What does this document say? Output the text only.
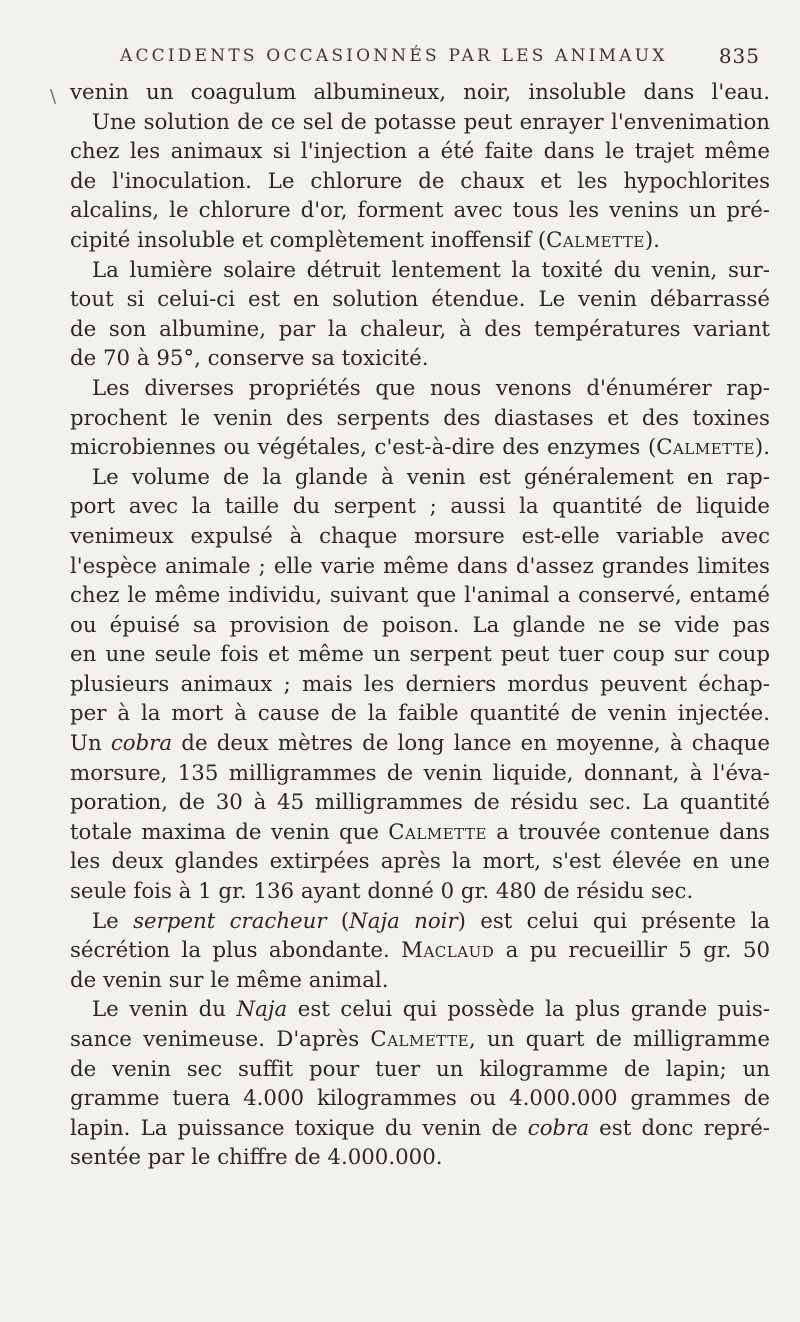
ACCIDENTS OCCASIONNÉS PAR LES ANIMAUX	835
\ venin un coagulum albumineux, noir, insoluble dans l'eau.
Une solution de ce sel de potasse peut enrayer l'envenimation
chez les animaux si l'injection a été faite dans le trajet même
de l'inoculation. Le chlorure de chaux et les hypochlorites
alcalins, le chlorure d'or, forment avec tous les venins un pré-
cipité insoluble et complètement inoffensif (Calmette).
La lumière solaire détruit lentement la toxité du venin, sur-
tout si celui-ci est en solution étendue. Le venin débarrassé
de son albumine, par la chaleur, à des températures variant
de 70 à 95°, conserve sa toxicité.
Les diverses propriétés que nous venons d'énumérer rap-
prochent le venin des serpents des diastases et des toxines
microbiennes ou végétales, c'est-à-dire des enzymes (Calmette).
Le volume de la glande à venin est généralement en rap-
port avec la taille du serpent ; aussi la quantité de liquide
venimeux expulsé à chaque morsure est-elle variable avec
l'espèce animale ; elle varie même dans d'assez grandes limites
chez le même individu, suivant que l'animal a conservé, entamé
ou épuisé sa provision de poison. La glande ne se vide pas
en une seule fois et même un serpent peut tuer coup sur coup
plusieurs animaux ; mais les derniers mordus peuvent échap-
per à la mort à cause de la faible quantité de venin injectée.
Un cobra de deux mètres de long lance en moyenne, à chaque
morsure, 135 milligrammes de venin liquide, donnant, à l'éva-
poration, de 30 à 45 milligrammes de résidu sec. La quantité
totale maxima de venin que Calmette a trouvée contenue dans
les deux glandes extirpées après la mort, s'est élevée en une
seule fois à 1 gr. 136 ayant donné 0 gr. 480 de résidu sec.
Le serpent cracheur (Naja noir) est celui qui présente la
sécrétion la plus abondante. Maclaud a pu recueillir 5 gr. 50
de venin sur le même animal.
Le venin du Naja est celui qui possède la plus grande puis-
sance venimeuse. D'après Calmette, un quart de milligramme
de venin sec suffit pour tuer un kilogramme de lapin; un
gramme tuera 4.000 kilogrammes ou 4.000.000 grammes de
lapin. La puissance toxique du venin de cobra est donc repré-
sentée par le chiffre de 4.000.000.
